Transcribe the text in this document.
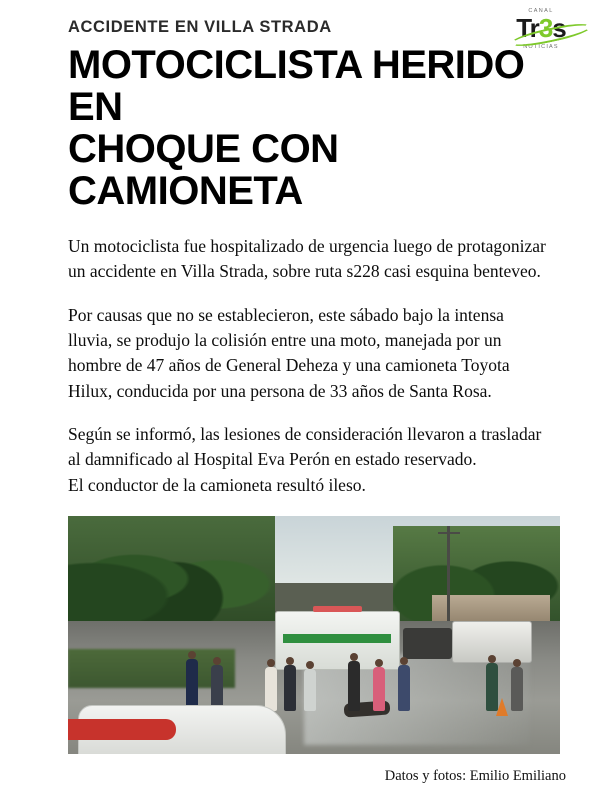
CANAL
Tr3s
NOTICIAS
ACCIDENTE EN VILLA STRADA
MOTOCICLISTA HERIDO EN
CHOQUE CON CAMIONETA

Un motociclista fue hospitalizado de urgencia luego de protagonizar un accidente en Villa Strada, sobre ruta s228 casi esquina benteveo.

Por causas que no se establecieron, este sábado bajo la intensa lluvia, se produjo la colisión entre una moto, manejada por un hombre de 47 años de General Deheza y una camioneta Toyota Hilux, conducida por una persona de 33 años de Santa Rosa.

Según se informó, las lesiones de consideración llevaron a trasladar al damnificado al Hospital Eva Perón en estado reservado.

El conductor de la camioneta resultó ileso.

Datos y fotos: Emilio Emiliano
